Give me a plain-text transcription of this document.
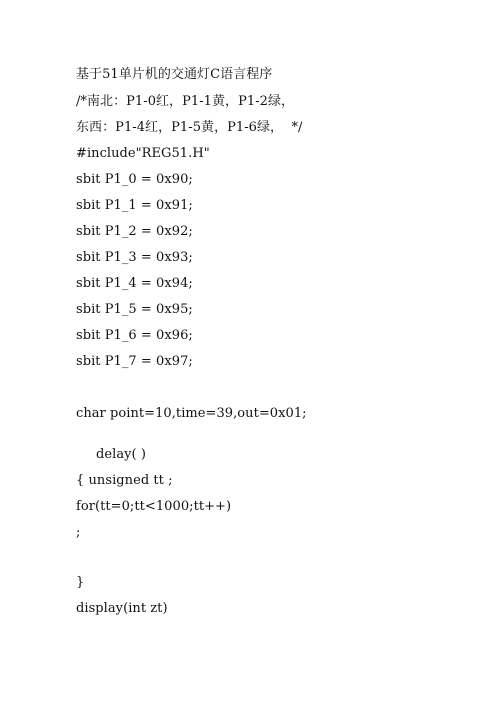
基于51单片机的交通灯C语言程序
/*南北：P1-0红，P1-1黄，P1-2绿，
东西：P1-4红，P1-5黄，P1-6绿，  */
#include"REG51.H"
sbit P1_0 = 0x90;
sbit P1_1 = 0x91;
sbit P1_2 = 0x92;
sbit P1_3 = 0x93;
sbit P1_4 = 0x94;
sbit P1_5 = 0x95;
sbit P1_6 = 0x96;
sbit P1_7 = 0x97;
char point=10,time=39,out=0x01;
delay( )
{ unsigned tt ;
for(tt=0;tt<1000;tt++)
;
}
display(int zt)
